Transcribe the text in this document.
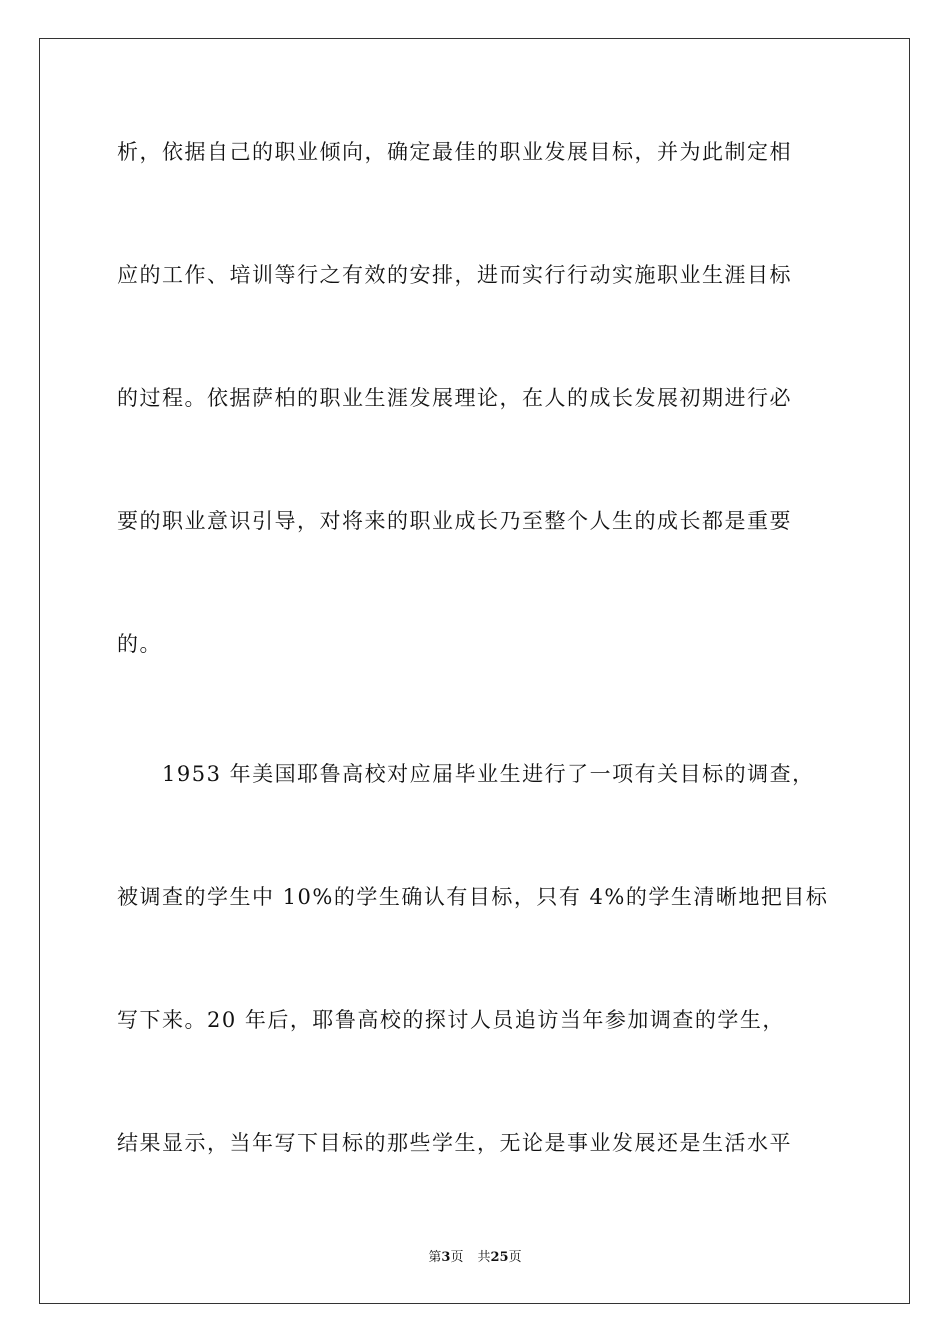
析，依据自己的职业倾向，确定最佳的职业发展目标，并为此制定相
应的工作、培训等行之有效的安排，进而实行行动实施职业生涯目标
的过程。依据萨柏的职业生涯发展理论，在人的成长发展初期进行必
要的职业意识引导，对将来的职业成长乃至整个人生的成长都是重要
的。
1953 年美国耶鲁高校对应届毕业生进行了一项有关目标的调查，
被调查的学生中 10%的学生确认有目标，只有 4%的学生清晰地把目标
写下来。20 年后，耶鲁高校的探讨人员追访当年参加调查的学生，
结果显示，当年写下目标的那些学生，无论是事业发展还是生活水平
第3页 共25页
